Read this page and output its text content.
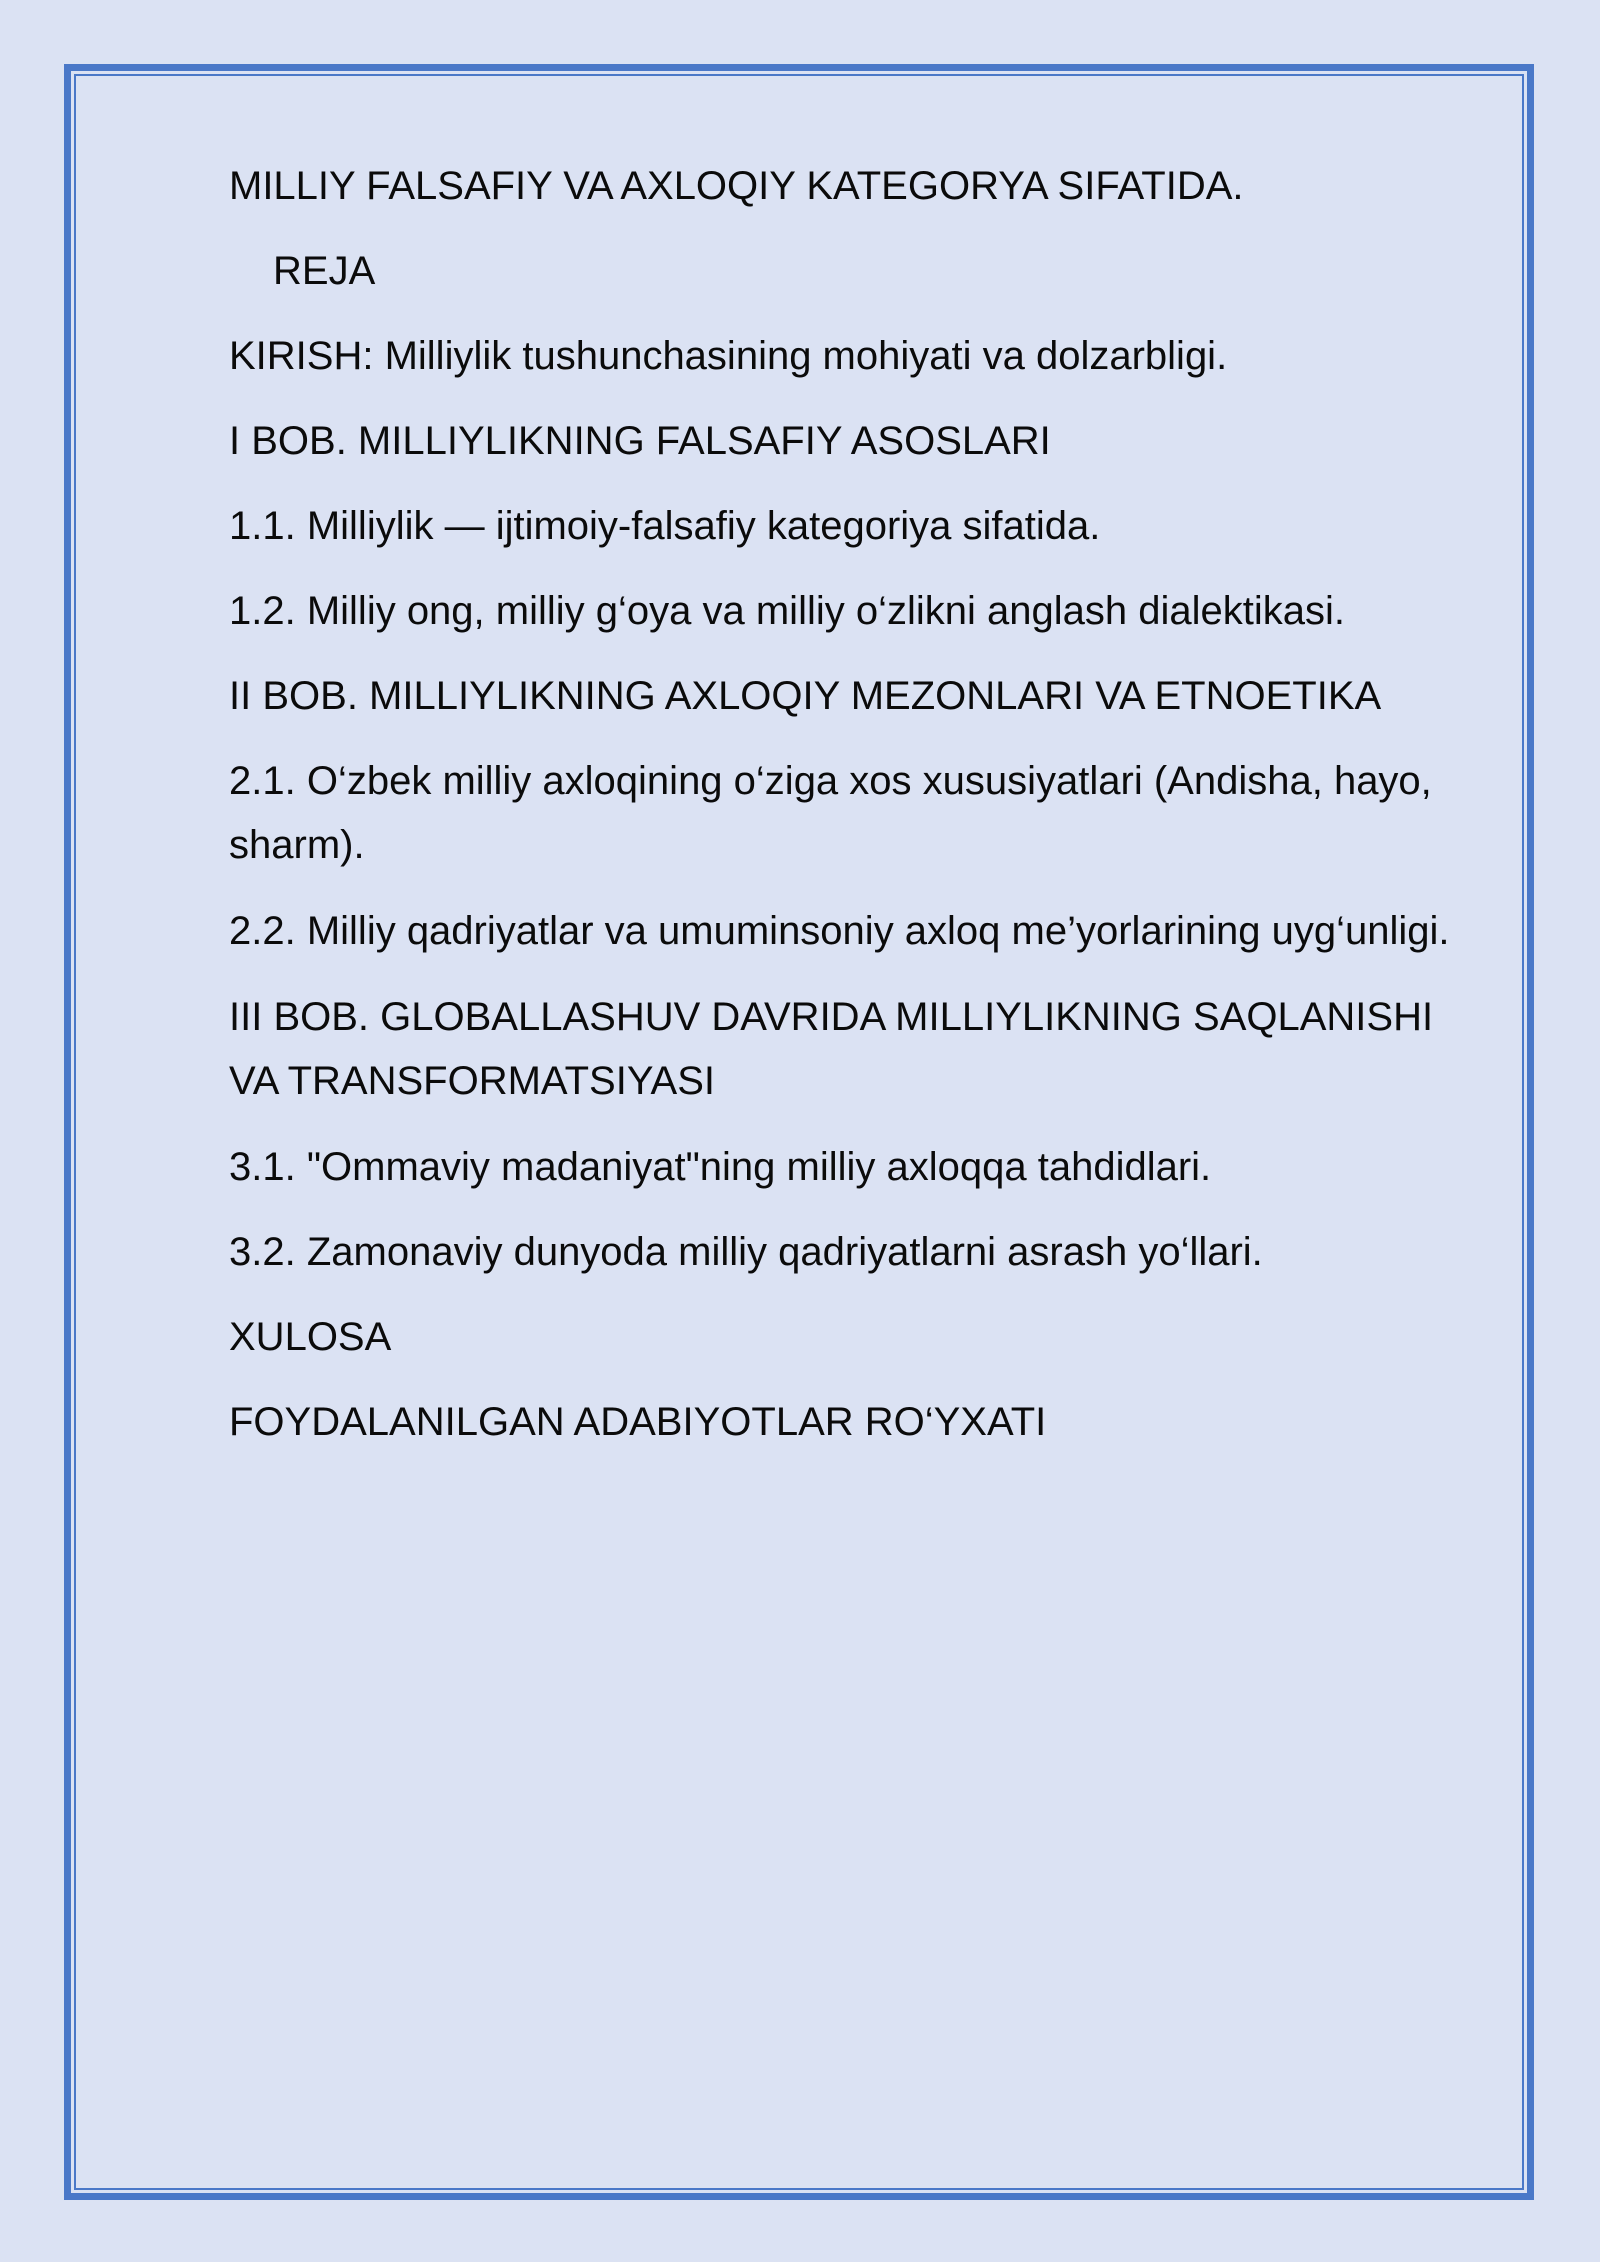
MILLIY FALSAFIY VA AXLOQIY KATEGORYA SIFATIDA.
REJA
KIRISH: Milliylik tushunchasining mohiyati va dolzarbligi.
I BOB. MILLIYLIKNING FALSAFIY ASOSLARI
1.1. Milliylik — ijtimoiy-falsafiy kategoriya sifatida.
1.2. Milliy ong, milliy g‘oya va milliy o‘zlikni anglash dialektikasi.
II BOB. MILLIYLIKNING AXLOQIY MEZONLARI VA ETNOETIKA
2.1. O‘zbek milliy axloqining o‘ziga xos xususiyatlari (Andisha, hayo, sharm).
2.2. Milliy qadriyatlar va umuminsoniy axloq me’yorlarining uyg‘unligi.
III BOB. GLOBALLASHUV DAVRIDA MILLIYLIKNING SAQLANISHI VA TRANSFORMATSIYASI
3.1. "Ommaviy madaniyat"ning milliy axloqqa tahdidlari.
3.2. Zamonaviy dunyoda milliy qadriyatlarni asrash yo‘llari.
XULOSA
FOYDALANILGAN ADABIYOTLAR RO‘YXATI
